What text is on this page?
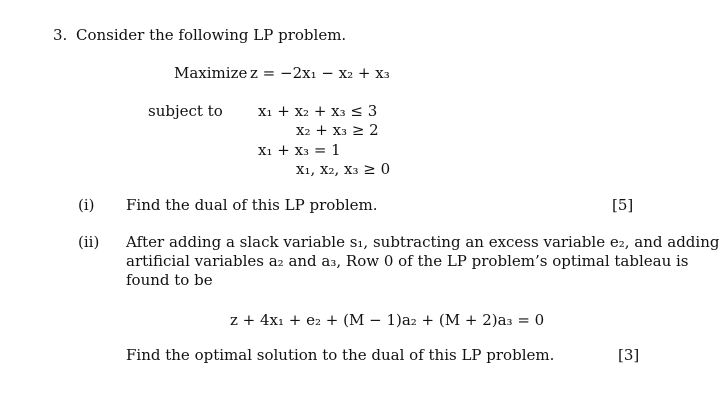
3. Consider the following LP problem.
Maximize z = −2x₁ − x₂ + x₃
subject to x₁ + x₂ + x₃ ≤ 3
x₂ + x₃ ≥ 2
x₁ + x₃ = 1
x₁, x₂, x₃ ≥ 0
(i) Find the dual of this LP problem.	[5]
(ii) After adding a slack variable s₁, subtracting an excess variable e₂, and adding
artificial variables a₂ and a₃, Row 0 of the LP problem’s optimal tableau is
found to be
z + 4x₁ + e₂ + (M − 1)a₂ + (M + 2)a₃ = 0
Find the optimal solution to the dual of this LP problem.	[3]
